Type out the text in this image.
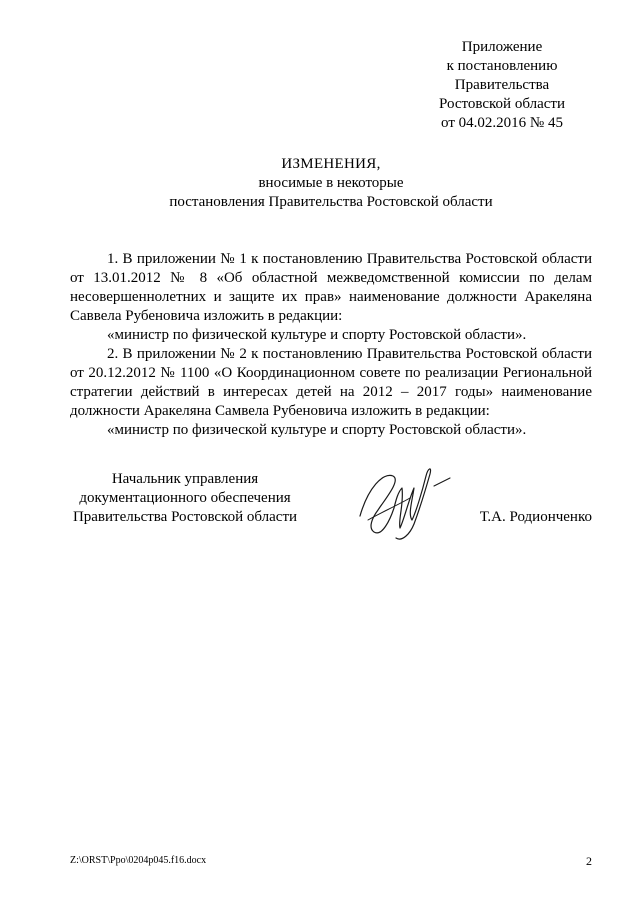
Приложение
к постановлению
Правительства
Ростовской области
от 04.02.2016 № 45
ИЗМЕНЕНИЯ,
вносимые в некоторые
постановления Правительства Ростовской области

1. В приложении № 1 к постановлению Правительства Ростовской области от 13.01.2012 № 8 «Об областной межведомственной комиссии по делам несовершеннолетних и защите их прав» наименование должности Аракеляна Саввела Рубеновича изложить в редакции:

«министр по физической культуре и спорту Ростовской области».

2. В приложении № 2 к постановлению Правительства Ростовской области от 20.12.2012 № 1100 «О Координационном совете по реализации Региональной стратегии действий в интересах детей на 2012 – 2017 годы» наименование должности Аракеляна Самвела Рубеновича изложить в редакции:

«министр по физической культуре и спорту Ростовской области».

Начальник управления
документационного обеспечения
Правительства Ростовской области	Т.А. Родионченко
Z:\ORST\Ppo\0204p045.f16.docx	2
